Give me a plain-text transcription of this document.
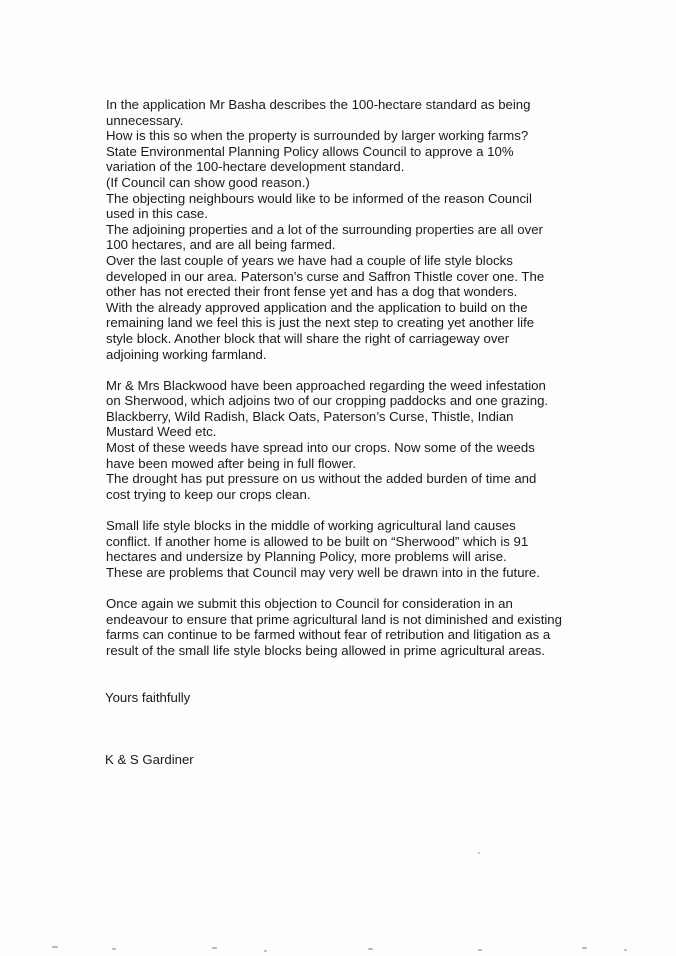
In the application Mr Basha describes the 100-hectare standard as being
unnecessary.
How is this so when the property is surrounded by larger working farms?
State Environmental Planning Policy allows Council to approve a 10%
variation of the 100-hectare development standard.
(If Council can show good reason.)
The objecting neighbours would like to be informed of the reason Council
used in this case.
The adjoining properties and a lot of the surrounding properties are all over
100 hectares, and are all being farmed.
Over the last couple of years we have had a couple of life style blocks
developed in our area. Paterson’s curse and Saffron Thistle cover one. The
other has not erected their front fense yet and has a dog that wonders.
With the already approved application and the application to build on the
remaining land we feel this is just the next step to creating yet another life
style block. Another block that will share the right of carriageway over
adjoining working farmland.
Mr & Mrs Blackwood have been approached regarding the weed infestation
on Sherwood, which adjoins two of our cropping paddocks and one grazing.
Blackberry, Wild Radish, Black Oats, Paterson’s Curse, Thistle, Indian
Mustard Weed etc.
Most of these weeds have spread into our crops. Now some of the weeds
have been mowed after being in full flower.
The drought has put pressure on us without the added burden of time and
cost trying to keep our crops clean.
Small life style blocks in the middle of working agricultural land causes
conflict. If another home is allowed to be built on “Sherwood” which is 91
hectares and undersize by Planning Policy, more problems will arise.
These are problems that Council may very well be drawn into in the future.
Once again we submit this objection to Council for consideration in an
endeavour to ensure that prime agricultural land is not diminished and existing
farms can continue to be farmed without fear of retribution and litigation as a
result of the small life style blocks being allowed in prime agricultural areas.
Yours faithfully
K & S Gardiner
